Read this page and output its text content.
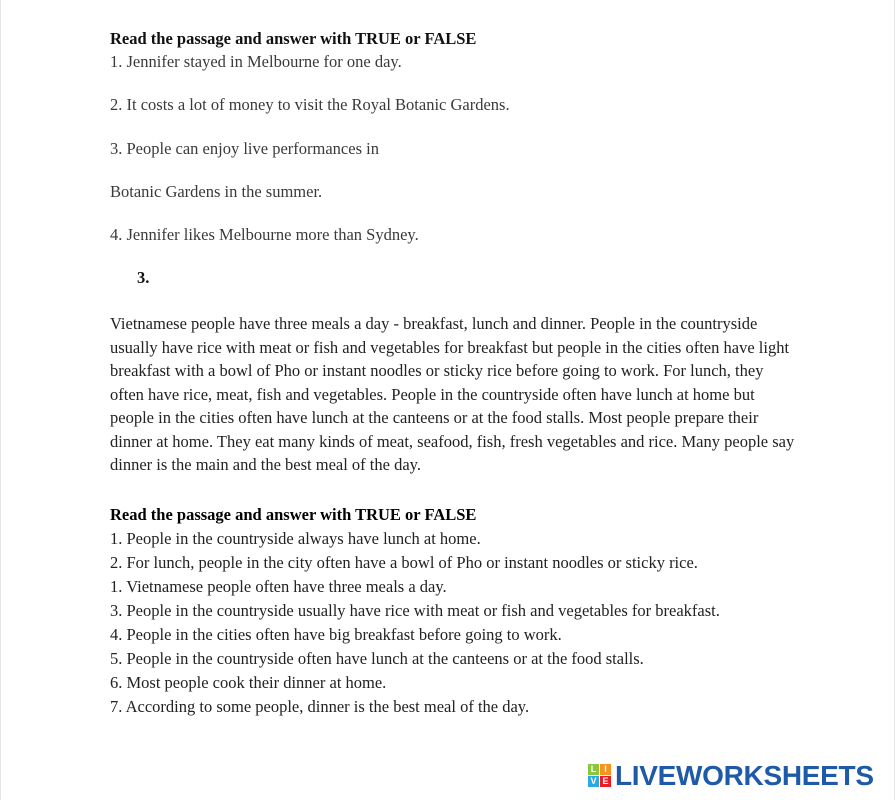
Read the passage and answer with TRUE or FALSE
1. Jennifer stayed in Melbourne for one day.
2. It costs a lot of money to visit the Royal Botanic Gardens.
3. People can enjoy live performances in
Botanic Gardens in the summer.
4. Jennifer likes Melbourne more than Sydney.
3.
Vietnamese people have three meals a day - breakfast, lunch and dinner. People in the countryside usually have rice with meat or fish and vegetables for breakfast but people in the cities often have light breakfast with a bowl of Pho or instant noodles or sticky rice before going to work. For lunch, they often have rice, meat, fish and vegetables. People in the countryside often have lunch at home but people in the cities often have lunch at the canteens or at the food stalls. Most people prepare their dinner at home. They eat many kinds of meat, seafood, fish, fresh vegetables and rice. Many people say dinner is the main and the best meal of the day.
Read the passage and answer with TRUE or FALSE
1. People in the countryside always have lunch at home.
2. For lunch, people in the city often have a bowl of Pho or instant noodles or sticky rice.
1. Vietnamese people often have three meals a day.
3. People in the countryside usually have rice with meat or fish and vegetables for breakfast.
4. People in the cities often have big breakfast before going to work.
5. People in the countryside often have lunch at the canteens or at the food stalls.
6. Most people cook their dinner at home.
7. According to some people, dinner is the best meal of the day.
L I
V E LIVEWORKSHEETS
